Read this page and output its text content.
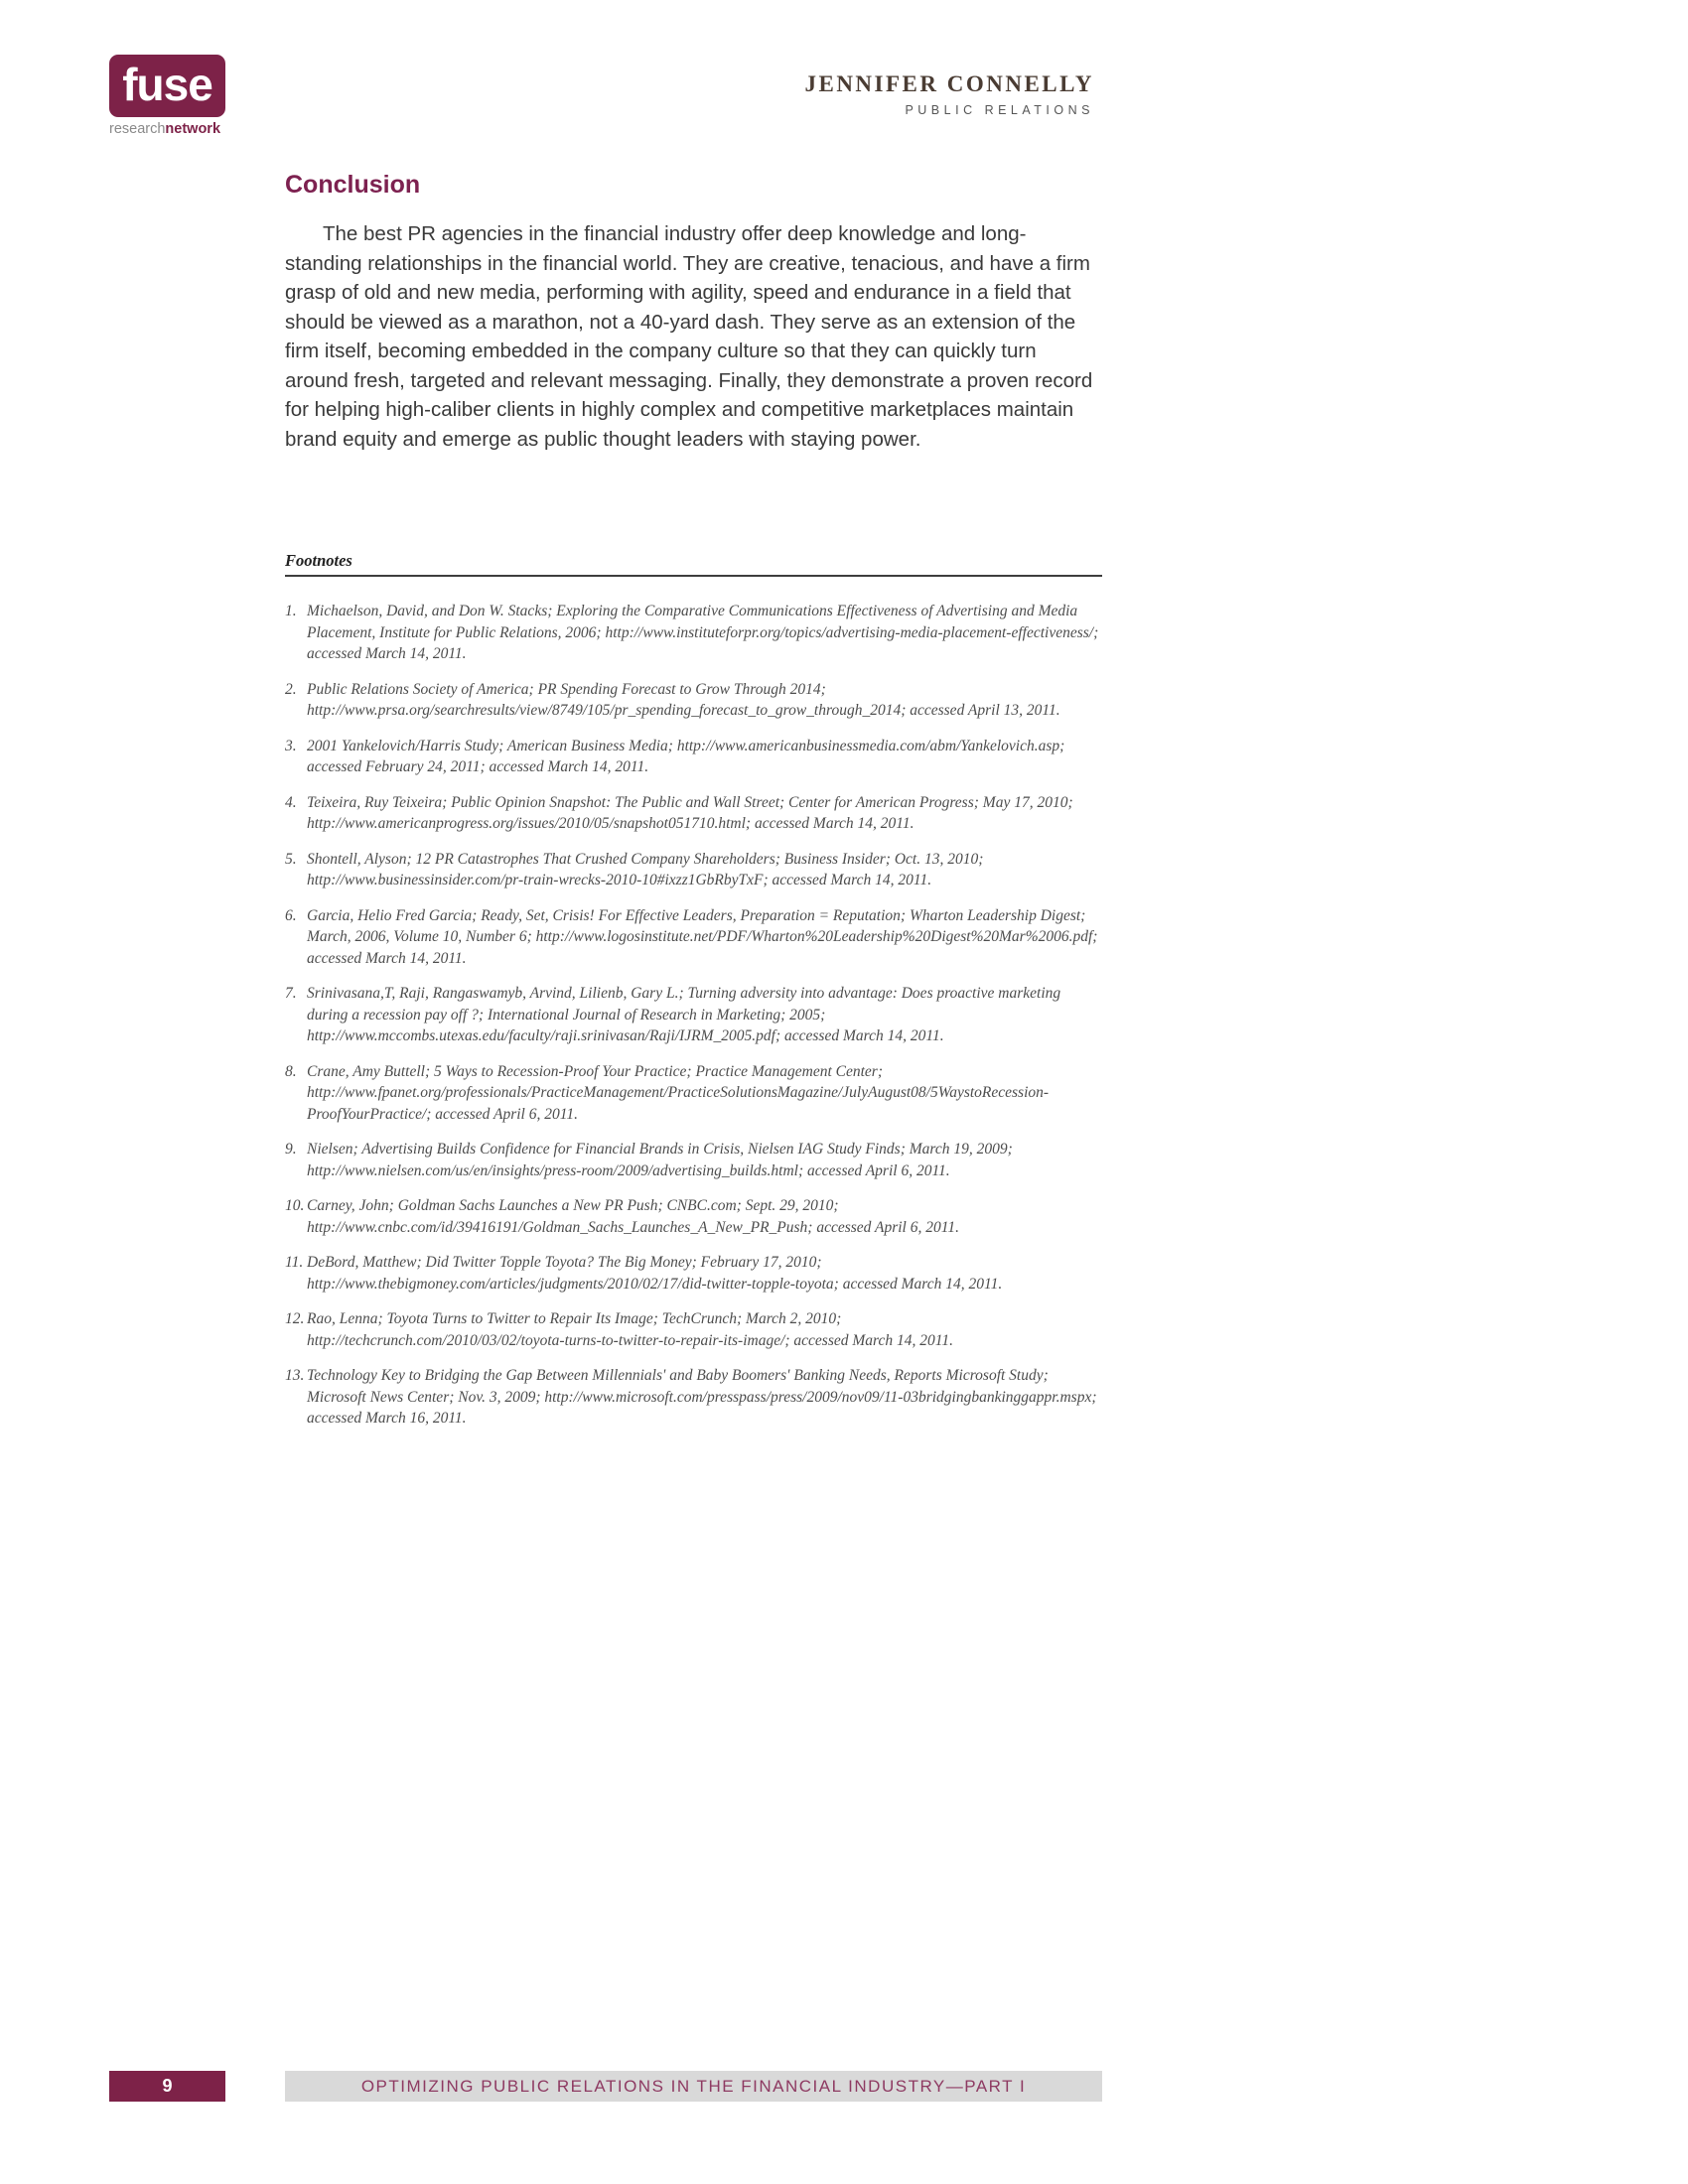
fuse
researchnetwork
JENNIFER CONNELLY
PUBLIC RELATIONS
Conclusion

The best PR agencies in the financial industry offer deep knowledge and long-standing relationships in the financial world. They are creative, tenacious, and have a firm grasp of old and new media, performing with agility, speed and endurance in a field that should be viewed as a marathon, not a 40-yard dash. They serve as an extension of the firm itself, becoming embedded in the company culture so that they can quickly turn around fresh, targeted and relevant messaging. Finally, they demonstrate a proven record for helping high-caliber clients in highly complex and competitive marketplaces maintain brand equity and emerge as public thought leaders with staying power.

Footnotes
1. Michaelson, David, and Don W. Stacks; Exploring the Comparative Communications Effectiveness of Advertising and Media Placement, Institute for Public Relations, 2006; http://www.instituteforpr.org/topics/advertising-media-placement-effectiveness/; accessed March 14, 2011.
2. Public Relations Society of America; PR Spending Forecast to Grow Through 2014; http://www.prsa.org/searchresults/view/8749/105/pr_spending_forecast_to_grow_through_2014; accessed April 13, 2011.
3. 2001 Yankelovich/Harris Study; American Business Media; http://www.americanbusinessmedia.com/abm/Yankelovich.asp; accessed February 24, 2011; accessed March 14, 2011.
4. Teixeira, Ruy Teixeira; Public Opinion Snapshot: The Public and Wall Street; Center for American Progress; May 17, 2010; http://www.americanprogress.org/issues/2010/05/snapshot051710.html; accessed March 14, 2011.
5. Shontell, Alyson; 12 PR Catastrophes That Crushed Company Shareholders; Business Insider; Oct. 13, 2010; http://www.businessinsider.com/pr-train-wrecks-2010-10#ixzz1GbRbyTxF; accessed March 14, 2011.
6. Garcia, Helio Fred Garcia; Ready, Set, Crisis! For Effective Leaders, Preparation = Reputation; Wharton Leadership Digest; March, 2006, Volume 10, Number 6; http://www.logosinstitute.net/PDF/Wharton%20Leadership%20Digest%20Mar%2006.pdf; accessed March 14, 2011.
7. Srinivasana,T, Raji, Rangaswamyb, Arvind, Lilienb, Gary L.; Turning adversity into advantage: Does proactive marketing during a recession pay off ?; International Journal of Research in Marketing; 2005; http://www.mccombs.utexas.edu/faculty/raji.srinivasan/Raji/IJRM_2005.pdf; accessed March 14, 2011.
8. Crane, Amy Buttell; 5 Ways to Recession-Proof Your Practice; Practice Management Center; http://www.fpanet.org/professionals/PracticeManagement/PracticeSolutionsMagazine/JulyAugust08/5WaystoRecession-ProofYourPractice/; accessed April 6, 2011.
9. Nielsen; Advertising Builds Confidence for Financial Brands in Crisis, Nielsen IAG Study Finds; March 19, 2009; http://www.nielsen.com/us/en/insights/press-room/2009/advertising_builds.html; accessed April 6, 2011.
10. Carney, John; Goldman Sachs Launches a New PR Push; CNBC.com; Sept. 29, 2010; http://www.cnbc.com/id/39416191/Goldman_Sachs_Launches_A_New_PR_Push; accessed April 6, 2011.
11. DeBord, Matthew; Did Twitter Topple Toyota? The Big Money; February 17, 2010; http://www.thebigmoney.com/articles/judgments/2010/02/17/did-twitter-topple-toyota; accessed March 14, 2011.
12. Rao, Lenna; Toyota Turns to Twitter to Repair Its Image; TechCrunch; March 2, 2010; http://techcrunch.com/2010/03/02/toyota-turns-to-twitter-to-repair-its-image/; accessed March 14, 2011.
13. Technology Key to Bridging the Gap Between Millennials' and Baby Boomers' Banking Needs, Reports Microsoft Study; Microsoft News Center; Nov. 3, 2009; http://www.microsoft.com/presspass/press/2009/nov09/11-03bridgingbankinggappr.mspx; accessed March 16, 2011.
9	OPTIMIZING PUBLIC RELATIONS IN THE FINANCIAL INDUSTRY—PART I
